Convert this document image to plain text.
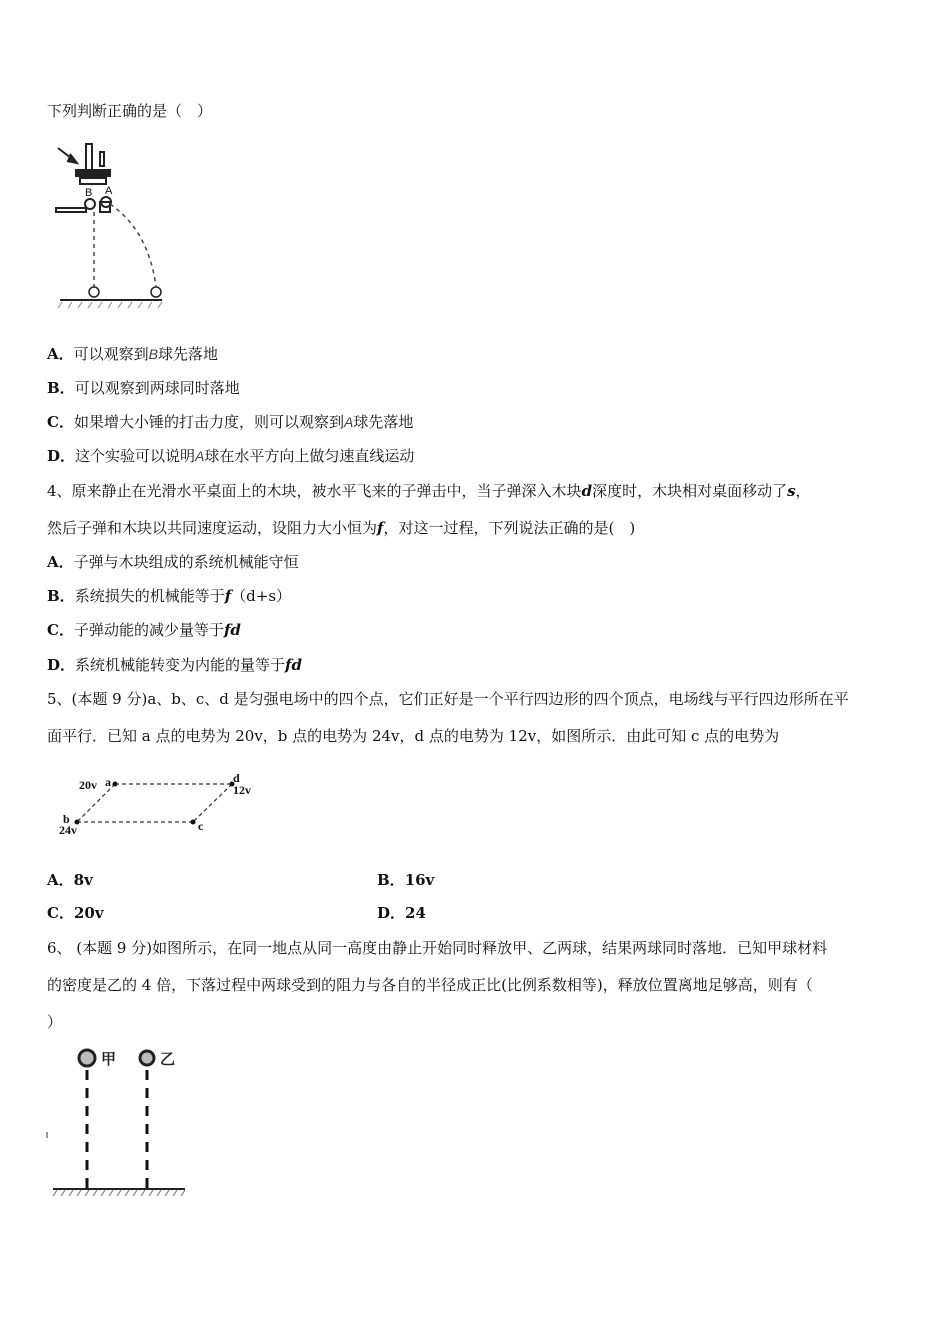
下列判断正确的是（　）
B A
A．可以观察到B球先落地
B．可以观察到两球同时落地
C．如果增大小锤的打击力度，则可以观察到A球先落地
D．这个实验可以说明A球在水平方向上做匀速直线运动
4、原来静止在光滑水平桌面上的木块，被水平飞来的子弹击中，当子弹深入木块d深度时，木块相对桌面移动了s，
然后子弹和木块以共同速度运动，设阻力大小恒为f，对这一过程，下列说法正确的是(　)
A．子弹与木块组成的系统机械能守恒
B．系统损失的机械能等于f（d+s）
C．子弹动能的减少量等于fd
D．系统机械能转变为内能的量等于fd
5、(本题 9 分)a、b、c、d 是匀强电场中的四个点，它们正好是一个平行四边形的四个顶点，电场线与平行四边形所在平
面平行．已知 a 点的电势为 20v，b 点的电势为 24v，d 点的电势为 12v，如图所示．由此可知 c 点的电势为
20v a	d
12v
b
24v	c
A．8v	B．16v
C．20v	D．24
6、 (本题 9 分)如图所示，在同一地点从同一高度由静止开始同时释放甲、乙两球，结果两球同时落地．已知甲球材料
的密度是乙的 4 倍，下落过程中两球受到的阻力与各自的半径成正比(比例系数相等)，释放位置离地足够高，则有（
）
甲	乙
